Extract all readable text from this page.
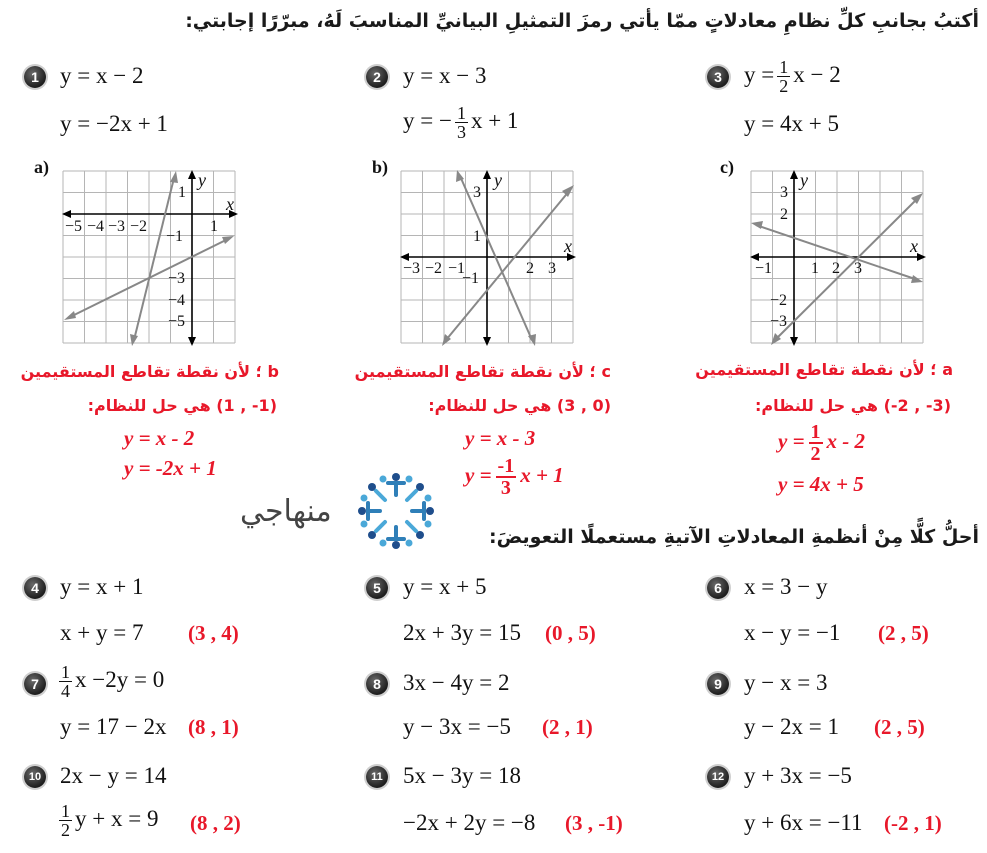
أكتبُ بجانبِ كلِّ نظامِ معادلاتٍ ممّا يأتي رمزَ التمثيلِ البيانيِّ المناسبَ لَهُ، مبرّرًا إجابتي:
1 y = x − 2
y = −2x + 1
2 y = x − 3
y = − $\frac{1}{3}$ x + 1
3 $y = \frac{1}{2}$ x − 2
y = 4x + 5
a)
x
y
−5 −4 −3 −2	1
1
−1
−3
−4
−5
b)
x
y
−3 −2 −1	2 3
3
1
−1
c)
x
y
−1 1 2 3
3
2
−2
−3
b ؛ لأن نقطة تقاطع المستقيمين
(1- , 1) هي حل للنظام:
y = x - 2
y = -2x + 1
c ؛ لأن نقطة تقاطع المستقيمين
(0 , 3) هي حل للنظام:
y = x - 3
$y = \frac{-1}{3}$ x + 1
a ؛ لأن نقطة تقاطع المستقيمين
(3- , 2-) هي حل للنظام:
$y = \frac{1}{2}$ x - 2
y = 4x + 5
منهاجي
أحلُّ كلًّا مِنْ أنظمةِ المعادلاتِ الآتيةِ مستعملًا التعويضَ:
4 y = x + 1
x + y = 7 (3 , 4)
5 y = x + 5
2x + 3y = 15 (0 , 5)
6 x = 3 − y
x − y = −1 (2 , 5)
7	$\frac{1}{4}$ x −2y = 0
y = 17 − 2x (8 , 1)
8 3x − 4y = 2
y − 3x = −5 (2 , 1)
9 y − x = 3
y − 2x = 1 (2 , 5)
10 2x − y = 14
$\frac{1}{2}$ y + x = 9 (8 , 2)
11 5x − 3y = 18
−2x + 2y = −8 (3 , -1)
12 y + 3x = −5
y + 6x = −11 (-2 , 1)
